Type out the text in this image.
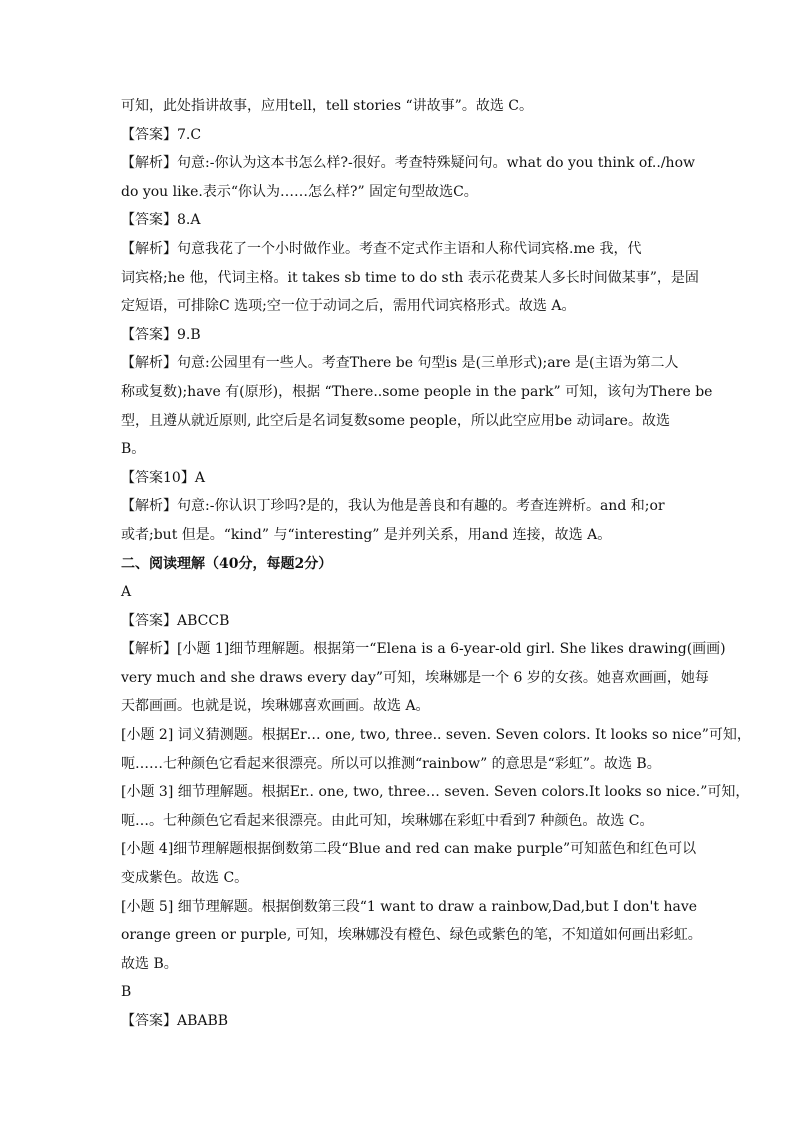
可知，此处指讲故事，应用tell，tell stories “讲故事”。故选 C。
【答案】7.C
【解析】句意:-你认为这本书怎么样?-很好。考查特殊疑问句。what do you think of../how
do you like.表示“你认为……怎么样?” 固定句型故选C。
【答案】8.A
【解析】句意我花了一个小时做作业。考查不定式作主语和人称代词宾格.me 我，代
词宾格;he 他，代词主格。it takes sb time to do sth 表示花费某人多长时间做某事”，是固
定短语，可排除C 选项;空一位于动词之后，需用代词宾格形式。故选 A。
【答案】9.B
【解析】句意:公园里有一些人。考查There be 句型is 是(三单形式);are 是(主语为第二人
称或复数);have 有(原形)，根据 “There..some people in the park” 可知，该句为There be
型，且遵从就近原则, 此空后是名词复数some people，所以此空应用be 动词are。故选
B。
【答案10】A
【解析】句意:-你认识丁珍吗?是的，我认为他是善良和有趣的。考查连辨析。and 和;or
或者;but 但是。“kind” 与“interesting” 是并列关系，用and 连接，故选 A。
二、阅读理解（40分，每题2分）
A
【答案】ABCCB
【解析】[小题 1]细节理解题。根据第一“Elena is a 6-year-old girl. She likes drawing(画画)
very much and she draws every day”可知，埃琳娜是一个 6 岁的女孩。她喜欢画画，她每
天都画画。也就是说，埃琳娜喜欢画画。故选 A。
[小题 2] 词义猜测题。根据Er… one, two, three.. seven. Seven colors. It looks so nice”可知，
呃……七种颜色它看起来很漂亮。所以可以推测“rainbow” 的意思是“彩虹”。故选 B。
[小题 3] 细节理解题。根据Er.. one, two, three… seven. Seven colors.It looks so nice.”可知，
呃…。七种颜色它看起来很漂亮。由此可知，埃琳娜在彩虹中看到7 种颜色。故选 C。
[小题 4]细节理解题根据倒数第二段“Blue and red can make purple”可知蓝色和红色可以
变成紫色。故选 C。
[小题 5] 细节理解题。根据倒数第三段“1 want to draw a rainbow,Dad,but I don't have
orange green or purple, 可知，埃琳娜没有橙色、绿色或紫色的笔，不知道如何画出彩虹。
故选 B。
B
【答案】ABABB
